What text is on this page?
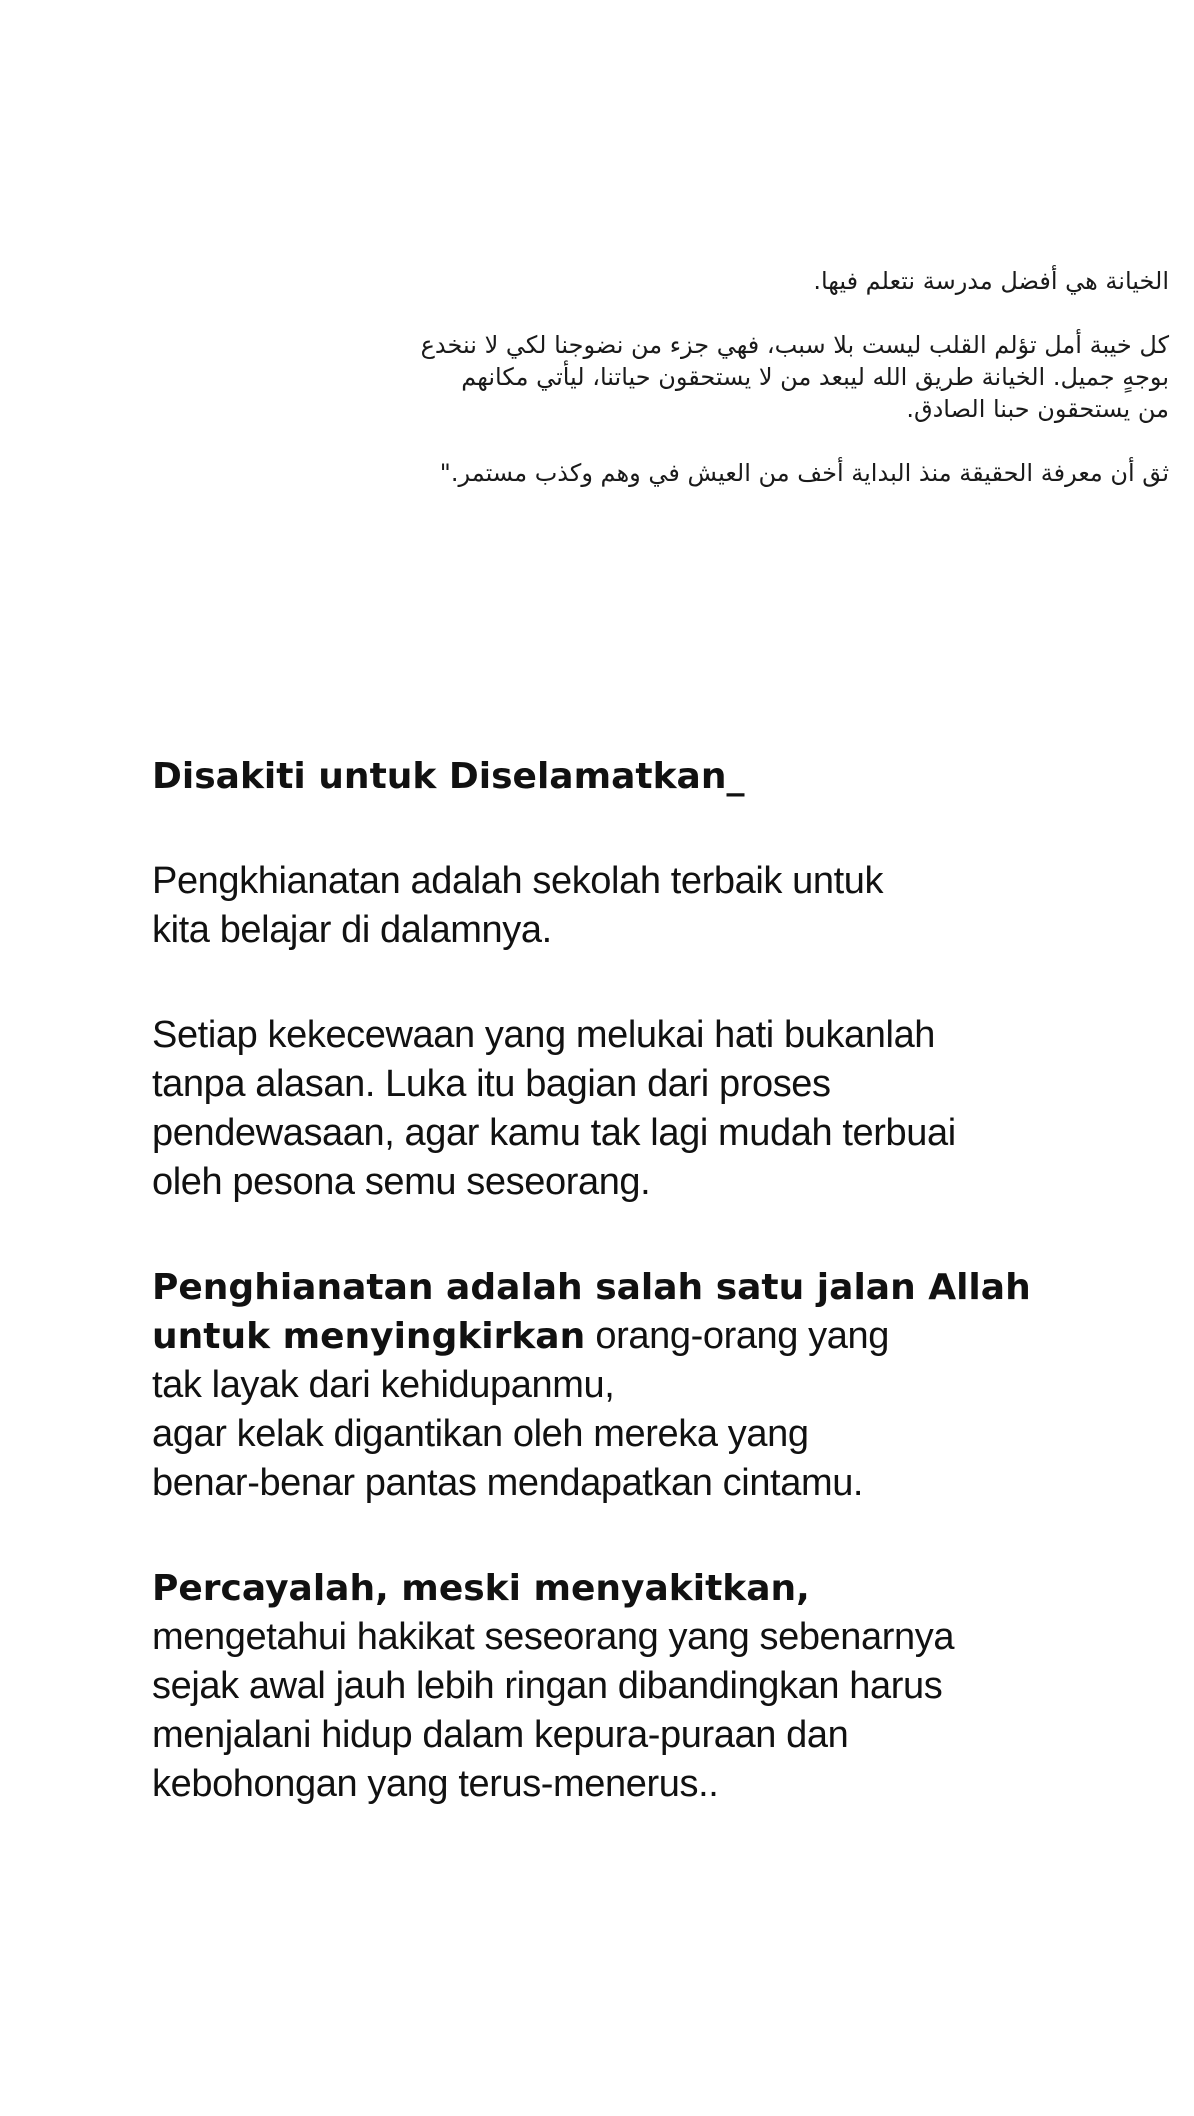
الخيانة هي أفضل مدرسة نتعلم فيها.

كل خيبة أمل تؤلم القلب ليست بلا سبب، فهي جزء من نضوجنا لكي لا ننخدع
بوجهٍ جميل. الخيانة طريق الله ليبعد من لا يستحقون حياتنا، ليأتي مكانهم
من يستحقون حبنا الصادق.

ثق أن معرفة الحقيقة منذ البداية أخف من العيش في وهم وكذب مستمر."

Disakiti untuk Diselamatkan_

Pengkhianatan adalah sekolah terbaik untuk
kita belajar di dalamnya.

Setiap kekecewaan yang melukai hati bukanlah
tanpa alasan. Luka itu bagian dari proses
pendewasaan, agar kamu tak lagi mudah terbuai
oleh pesona semu seseorang.

Penghianatan adalah salah satu jalan Allah
untuk menyingkirkan orang-orang yang
tak layak dari kehidupanmu,
agar kelak digantikan oleh mereka yang
benar-benar pantas mendapatkan cintamu.

Percayalah, meski menyakitkan,
mengetahui hakikat seseorang yang sebenarnya
sejak awal jauh lebih ringan dibandingkan harus
menjalani hidup dalam kepura-puraan dan
kebohongan yang terus-menerus..
